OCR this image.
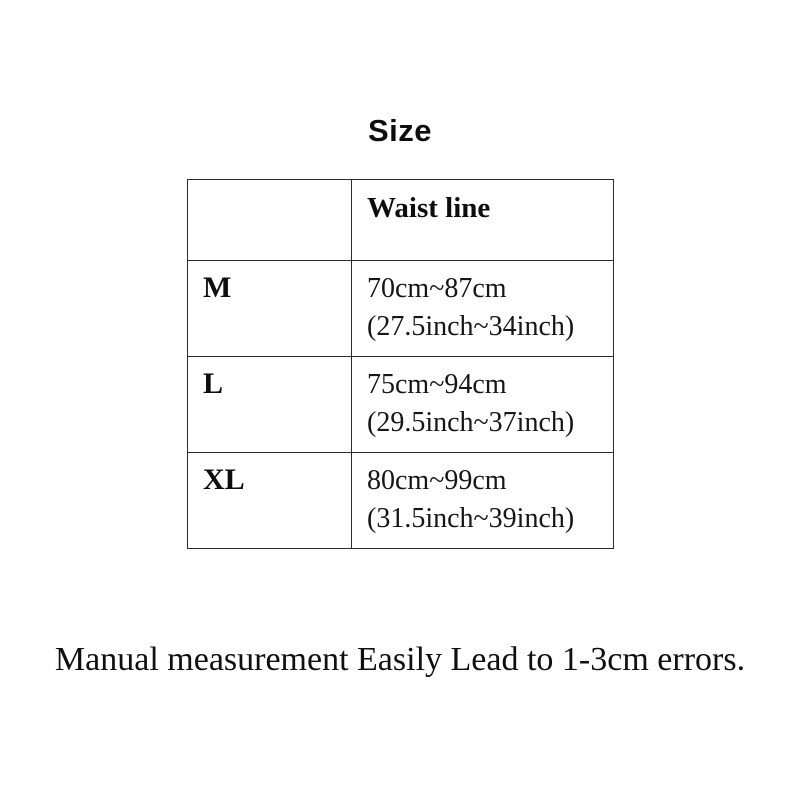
Size
	Waist line
M	70cm~87cm
(27.5inch~34inch)

L	75cm~94cm
(29.5inch~37inch)

XL	80cm~99cm
(31.5inch~39inch)
Manual measurement Easily Lead to 1-3cm errors.
